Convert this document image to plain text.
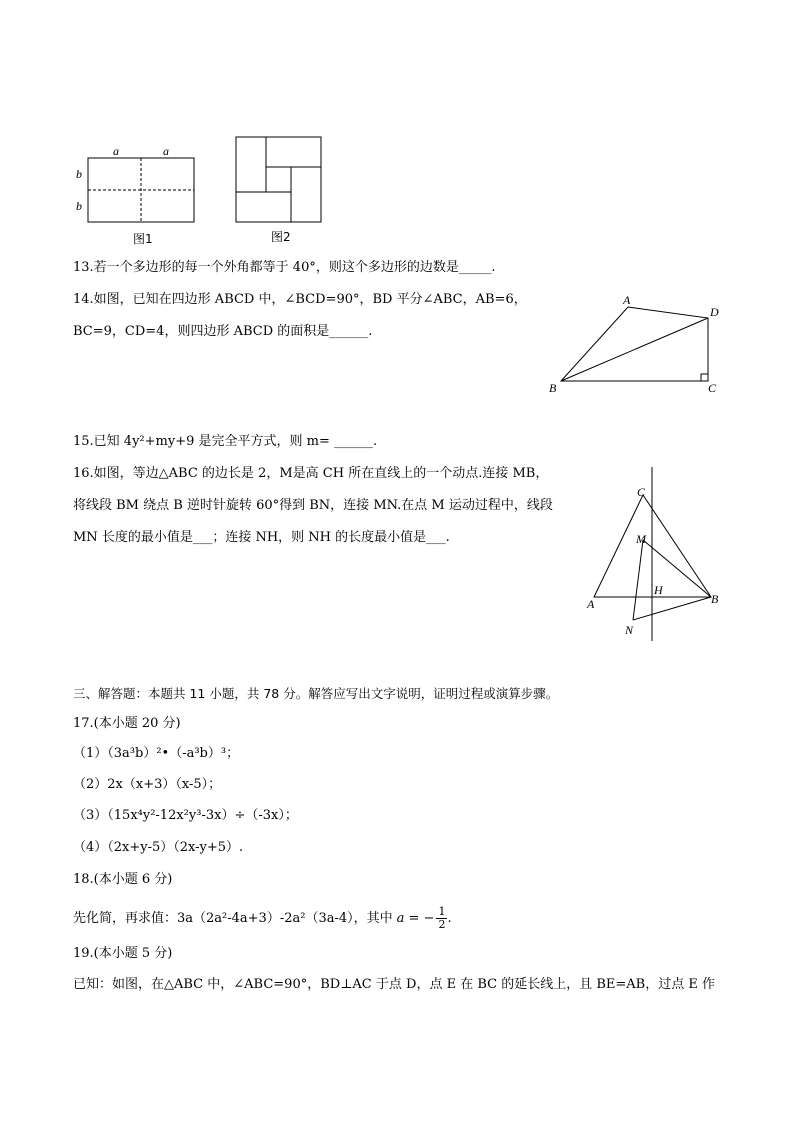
a	a
b
b
图1	图2
13.若一个多边形的每一个外角都等于 40°，则这个多边形的边数是_____.
14.如图，已知在四边形 ABCD 中，∠BCD=90°，BD 平分∠ABC，AB=6，
BC=9，CD=4，则四边形 ABCD 的面积是______.
A
D
B	C
15.已知 4y²+my+9 是完全平方式，则 m= ______.
16.如图，等边△ABC 的边长是 2，M是高 CH 所在直线上的一个动点.连接 MB，
将线段 BM 绕点 B 逆时针旋转 60°得到 BN，连接 MN.在点 M 运动过程中，线段
MN 长度的最小值是___；连接 NH，则 NH 的长度最小值是___.
C
M
H
A	B
N
三、解答题：本题共 11 小题，共 78 分。解答应写出文字说明，证明过程或演算步骤。
17.(本小题 20 分)
（1）（3a³b）²•（-a³b）³；
（2）2x（x+3）（x-5）；
（3）（15x⁴y²-12x²y³-3x）÷（-3x）；
（4）（2x+y-5）（2x-y+5）.
18.(本小题 6 分)
先化简，再求值：3a（2a²-4a+3）-2a²（3a-4），其中 a = − $\frac{1}{2}$ .
19.(本小题 5 分)
已知：如图，在△ABC 中，∠ABC=90°，BD⊥AC 于点 D，点 E 在 BC 的延长线上，且 BE=AB，过点 E 作
